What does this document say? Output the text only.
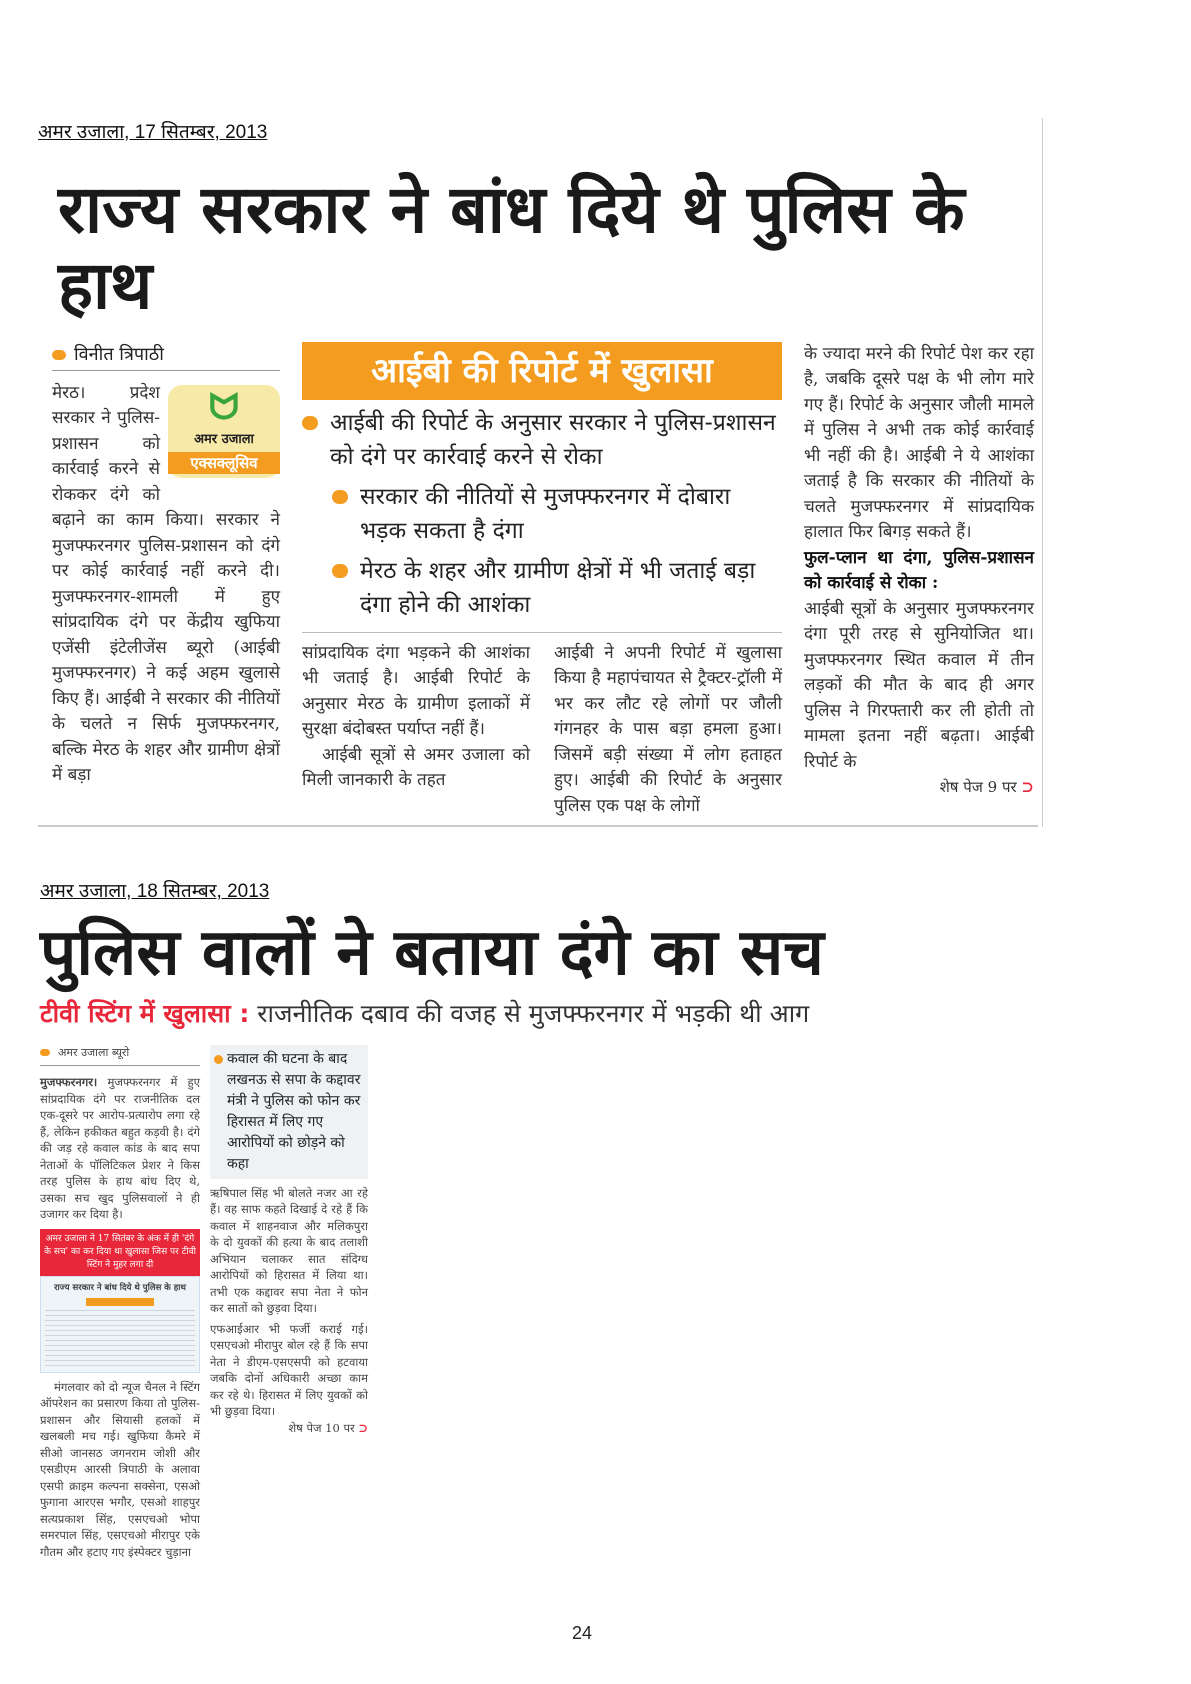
अमर उजाला, 17 सितम्बर, 2013
राज्य सरकार ने बांध दिये थे पुलिस के हाथ
विनीत त्रिपाठी
ᗢ
अमर उजाला
एक्सक्लूसिव

मेरठ। प्रदेश सरकार ने पुलिस-प्रशासन को कार्रवाई करने से रोककर दंगे को बढ़ाने का काम किया। सरकार ने मुजफ्फरनगर पुलिस-प्रशासन को दंगे पर कोई कार्रवाई नहीं करने दी। मुजफ्फरनगर-शामली में हुए सांप्रदायिक दंगे पर केंद्रीय खुफिया एजेंसी इंटेलीजेंस ब्यूरो (आईबी मुजफ्फरनगर) ने कई अहम खुलासे किए हैं। आईबी ने सरकार की नीतियों के चलते न सिर्फ मुजफ्फरनगर, बल्कि मेरठ के शहर और ग्रामीण क्षेत्रों में बड़ा

आईबी की रिपोर्ट में खुलासा
आईबी की रिपोर्ट के अनुसार सरकार ने पुलिस-प्रशासन को दंगे पर कार्रवाई करने से रोका
सरकार की नीतियों से मुजफ्फरनगर में दोबारा भड़क सकता है दंगा
मेरठ के शहर और ग्रामीण क्षेत्रों में भी जताई बड़ा दंगा होने की आशंका

सांप्रदायिक दंगा भड़कने की आशंका भी जताई है। आईबी रिपोर्ट के अनुसार मेरठ के ग्रामीण इलाकों में सुरक्षा बंदोबस्त पर्याप्त नहीं हैं।

आईबी सूत्रों से अमर उजाला को मिली जानकारी के तहत

आईबी ने अपनी रिपोर्ट में खुलासा किया है महापंचायत से ट्रैक्टर-ट्रॉली में भर कर लौट रहे लोगों पर जौली गंगनहर के पास बड़ा हमला हुआ। जिसमें बड़ी संख्या में लोग हताहत हुए। आईबी की रिपोर्ट के अनुसार पुलिस एक पक्ष के लोगों

के ज्यादा मरने की रिपोर्ट पेश कर रहा है, जबकि दूसरे पक्ष के भी लोग मारे गए हैं। रिपोर्ट के अनुसार जौली मामले में पुलिस ने अभी तक कोई कार्रवाई भी नहीं की है। आईबी ने ये आशंका जताई है कि सरकार की नीतियों के चलते मुजफ्फरनगर में सांप्रदायिक हालात फिर बिगड़ सकते हैं।

फुल-प्लान था दंगा, पुलिस-प्रशासन को कार्रवाई से रोका :

आईबी सूत्रों के अनुसार मुजफ्फरनगर दंगा पूरी तरह से सुनियोजित था। मुजफ्फरनगर स्थित कवाल में तीन लड़कों की मौत के बाद ही अगर पुलिस ने गिरफ्तारी कर ली होती तो मामला इतना नहीं बढ़ता। आईबी रिपोर्ट के

शेष पेज 9 पर ⊃

अमर उजाला, 18 सितम्बर, 2013
पुलिस वालों ने बताया दंगे का सच
टीवी स्टिंग में खुलासा : राजनीतिक दबाव की वजह से मुजफ्फरनगर में भड़की थी आग
अमर उजाला ब्यूरो

मुजफ्फरनगर। मुजफ्फरनगर में हुए सांप्रदायिक दंगे पर राजनीतिक दल एक-दूसरे पर आरोप-प्रत्यारोप लगा रहे हैं, लेकिन हकीकत बहुत कड़वी है। दंगे की जड़ रहे कवाल कांड के बाद सपा नेताओं के पॉलिटिकल प्रेशर ने किस तरह पुलिस के हाथ बांध दिए थे, उसका सच खुद पुलिसवालों ने ही उजागर कर दिया है।

अमर उजाला ने 17 सितंबर के अंक में ही 'दंगे के सच' का कर दिया था खुलासा जिस पर टीवी स्टिंग ने मुहर लगा दी
राज्य सरकार ने बांध दिये थे पुलिस के हाथ

मंगलवार को दो न्यूज चैनल ने स्टिंग ऑपरेशन का प्रसारण किया तो पुलिस-प्रशासन और सियासी हलकों में खलबली मच गई। खुफिया कैमरे में सीओ जानसठ जगनराम जोशी और एसडीएम आरसी त्रिपाठी के अलावा एसपी क्राइम कल्पना सक्सेना, एसओ फुगाना आरएस भगौर, एसओ शाहपुर सत्यप्रकाश सिंह, एसएचओ भोपा समरपाल सिंह, एसएचओ मीरापुर एके गौतम और हटाए गए इंस्पेक्टर चुड़ाना

कवाल की घटना के बाद लखनऊ से सपा के कद्दावर मंत्री ने पुलिस को फोन कर हिरासत में लिए गए आरोपियों को छोड़ने को कहा

ऋषिपाल सिंह भी बोलते नजर आ रहे हैं। वह साफ कहते दिखाई दे रहे हैं कि कवाल में शाहनवाज और मलिकपुरा के दो युवकों की हत्या के बाद तलाशी अभियान चलाकर सात संदिग्ध आरोपियों को हिरासत में लिया था। तभी एक कद्दावर सपा नेता ने फोन कर सातों को छुड़वा दिया।

एफआईआर भी फर्जी कराई गई। एसएचओ मीरापुर बोल रहे हैं कि सपा नेता ने डीएम-एसएसपी को हटवाया जबकि दोनों अधिकारी अच्छा काम कर रहे थे। हिरासत में लिए युवकों को भी छुड़वा दिया।

शेष पेज 10 पर ⊃

24
